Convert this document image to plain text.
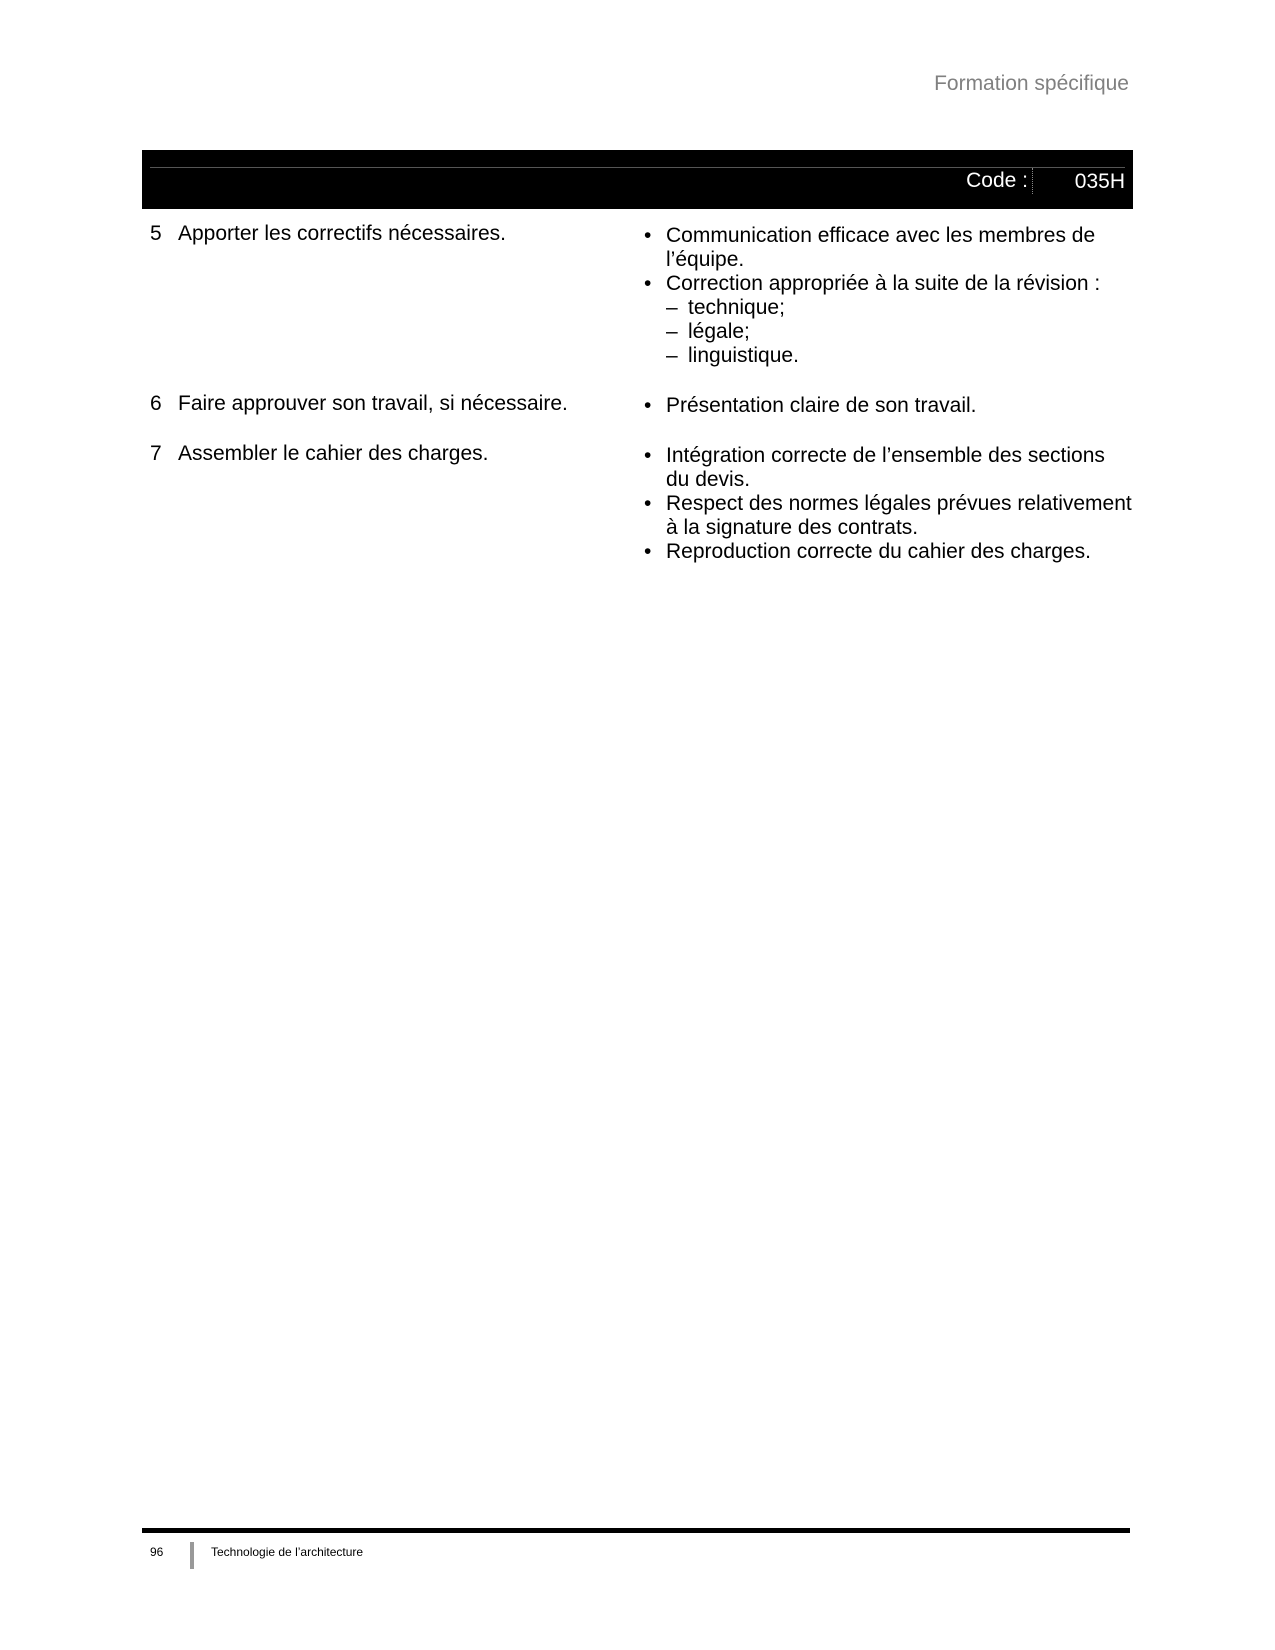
Formation spécifique
Code :	035H
5 Apporter les correctifs nécessaires.	• Communication efficace avec les membres de l’équipe.
• Correction appropriée à la suite de la révision :
– technique;
– légale;
– linguistique.
6 Faire approuver son travail, si nécessaire.	• Présentation claire de son travail.
7 Assembler le cahier des charges.	• Intégration correcte de l’ensemble des sections du devis.
• Respect des normes légales prévues relativement à la signature des contrats.
• Reproduction correcte du cahier des charges.
96	Technologie de l’architecture
